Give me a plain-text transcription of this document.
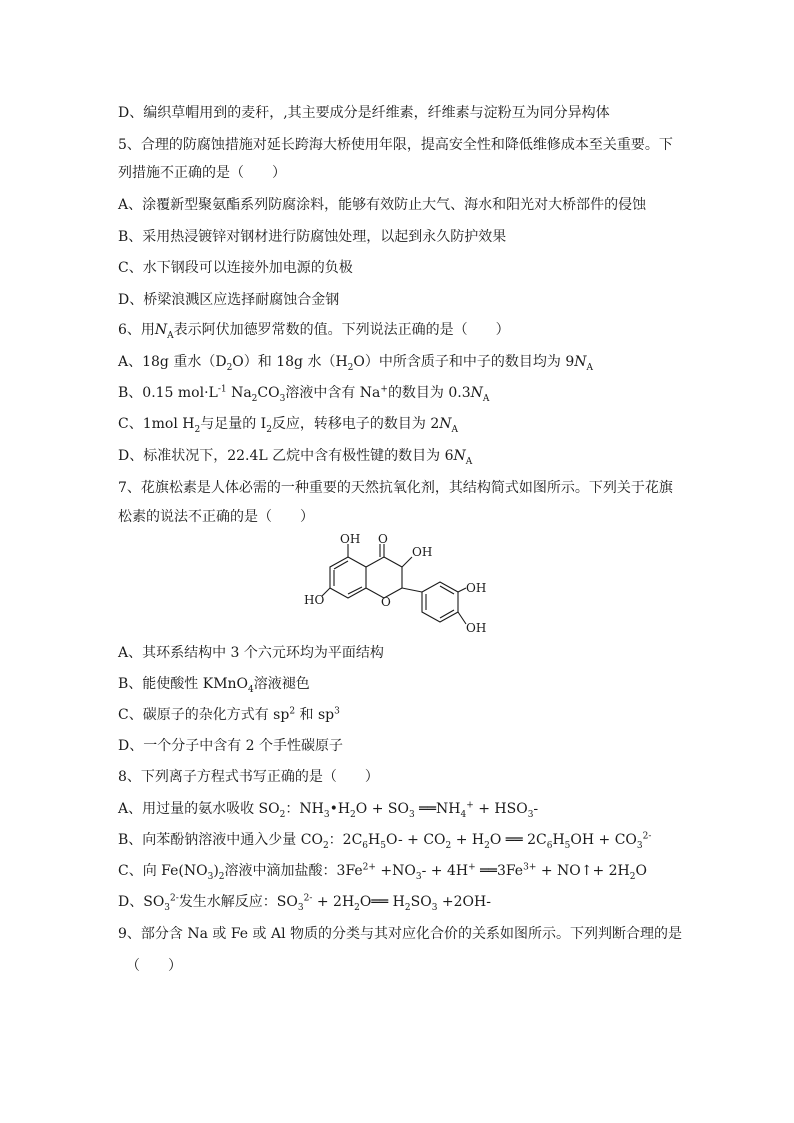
D、编织草帽用到的麦秆，,其主要成分是纤维素，纤维素与淀粉互为同分异构体
5、合理的防腐蚀措施对延长跨海大桥使用年限，提高安全性和降低维修成本至关重要。下
列措施不正确的是（　　）
A、涂覆新型聚氨酯系列防腐涂料，能够有效防止大气、海水和阳光对大桥部件的侵蚀
B、采用热浸镀锌对钢材进行防腐蚀处理，以起到永久防护效果
C、水下钢段可以连接外加电源的负极
D、桥梁浪溅区应选择耐腐蚀合金钢
6、用$N_A$表示阿伏加德罗常数的值。下列说法正确的是（　　）
A、18g 重水$(D_2O)$和 18g 水$(H_2O)$中所含质子和中子的数目均为 $9N_A$
B、0.15 $mol\cdot L^{-1}$ $Na_2CO_3$溶液中含有 Na+的数目为 $0.3N_A$
C、1mol $H_2$与足量的 $I_2$反应，转移电子的数目为 $2N_A$
D、标准状况下，22.4L 乙烷中含有极性键的数目为 $6N_A$
7、花旗松素是人体必需的一种重要的天然抗氧化剂，其结构简式如图所示。下列关于花旗
松素的说法不正确的是（　　）
OH O
OH
HO	O
OH
OH
A、其环系结构中 3 个六元环均为平面结构
B、能使酸性 KMnO$_4$溶液褪色
C、碳原子的杂化方式有 $sp^2$ 和 $sp^3$
D、一个分子中含有 2 个手性碳原子
8、下列离子方程式书写正确的是（　　）
A、用过量的氨水吸收 $SO_2$：$NH_3•H_2O + SO_3$ $══NH_4^+ + HSO_3-$
B、向苯酚钠溶液中通入少量 $CO_2$：$2C_6H_5O- + CO_2 + H_2O$ ══ $2C_6H_5OH + CO_3^{2-}$
C、向 $Fe(NO_3)_2$溶液中滴加盐酸：$3Fe^{2+} +NO_3- + 4H^+$ $══3Fe^{3+}$ + NO↑+ $2H_2O$
D、$SO_3^{2-}$发生水解反应：$SO_3^{2-}$ + $2H_2O══$ $H_2SO_3 +2OH-$
9、部分含 Na 或 Fe 或 Al 物质的分类与其对应化合价的关系如图所示。下列判断合理的是
（　　）
